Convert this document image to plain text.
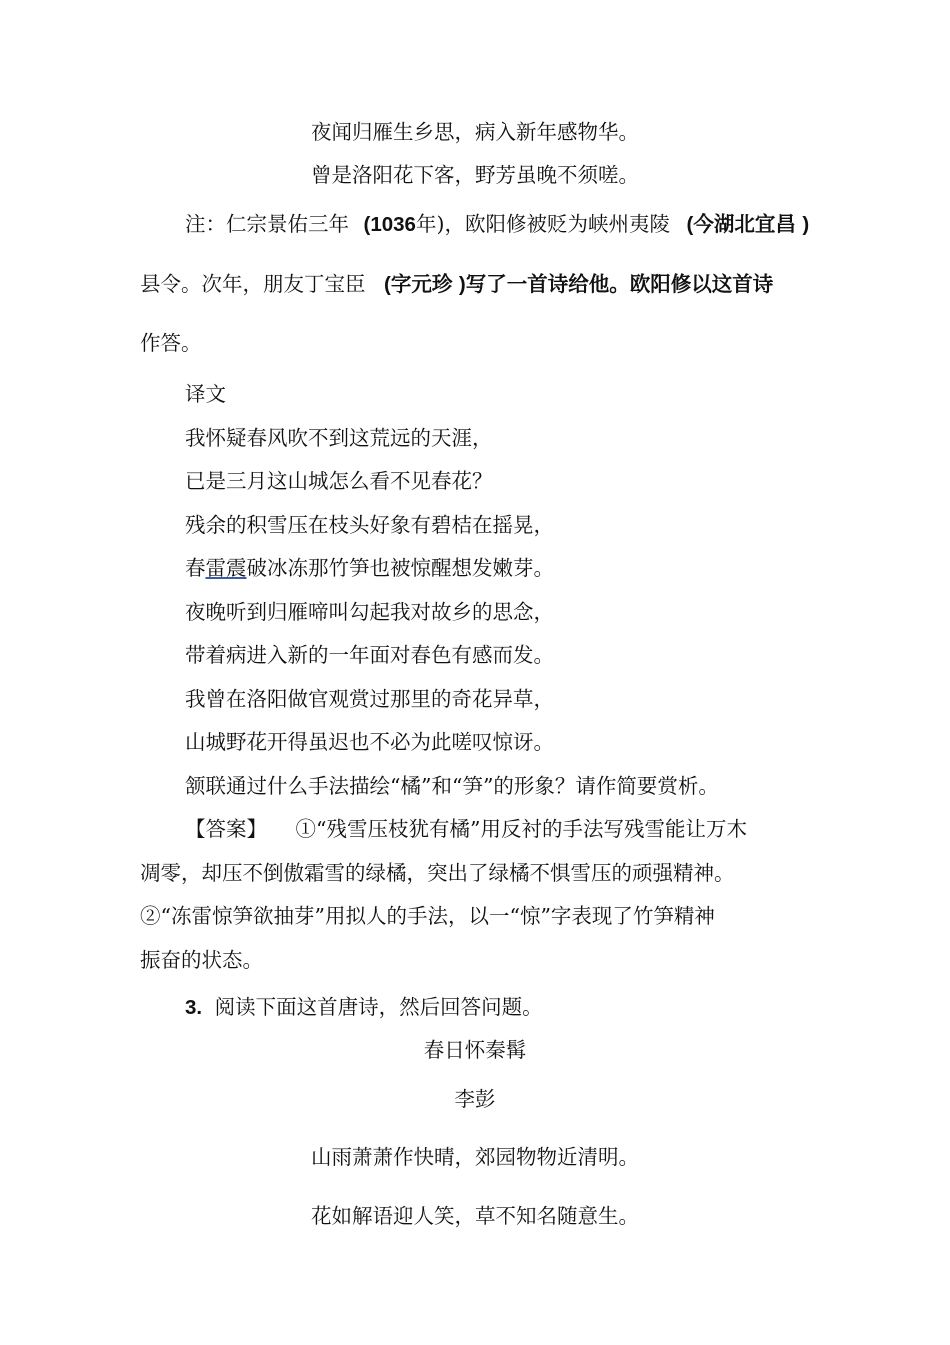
夜闻归雁生乡思，病入新年感物华。
曾是洛阳花下客，野芳虽晚不须嗟。
注：仁宗景佑三年 (1036年)，欧阳修被贬为峡州夷陵 (今湖北宜昌 )
县令。次年，朋友丁宝臣 (字元珍 )写了一首诗给他。欧阳修以这首诗
作答。
译文
我怀疑春风吹不到这荒远的天涯，
已是三月这山城怎么看不见春花？
残余的积雪压在枝头好象有碧桔在摇晃，
春雷震破冰冻那竹笋也被惊醒想发嫩芽。
夜晚听到归雁啼叫勾起我对故乡的思念，
带着病进入新的一年面对春色有感而发。
我曾在洛阳做官观赏过那里的奇花异草，
山城野花开得虽迟也不必为此嗟叹惊讶。
颔联通过什么手法描绘“橘”和“笋”的形象？请作简要赏析。
【答案】 ①“残雪压枝犹有橘”用反衬的手法写残雪能让万木
凋零，却压不倒傲霜雪的绿橘，突出了绿橘不惧雪压的顽强精神。
②“冻雷惊笋欲抽芽”用拟人的手法，以一“惊”字表现了竹笋精神
振奋的状态。
3. 阅读下面这首唐诗，然后回答问题。
春日怀秦髯
李彭
山雨萧萧作快晴，郊园物物近清明。
花如解语迎人笑，草不知名随意生。
